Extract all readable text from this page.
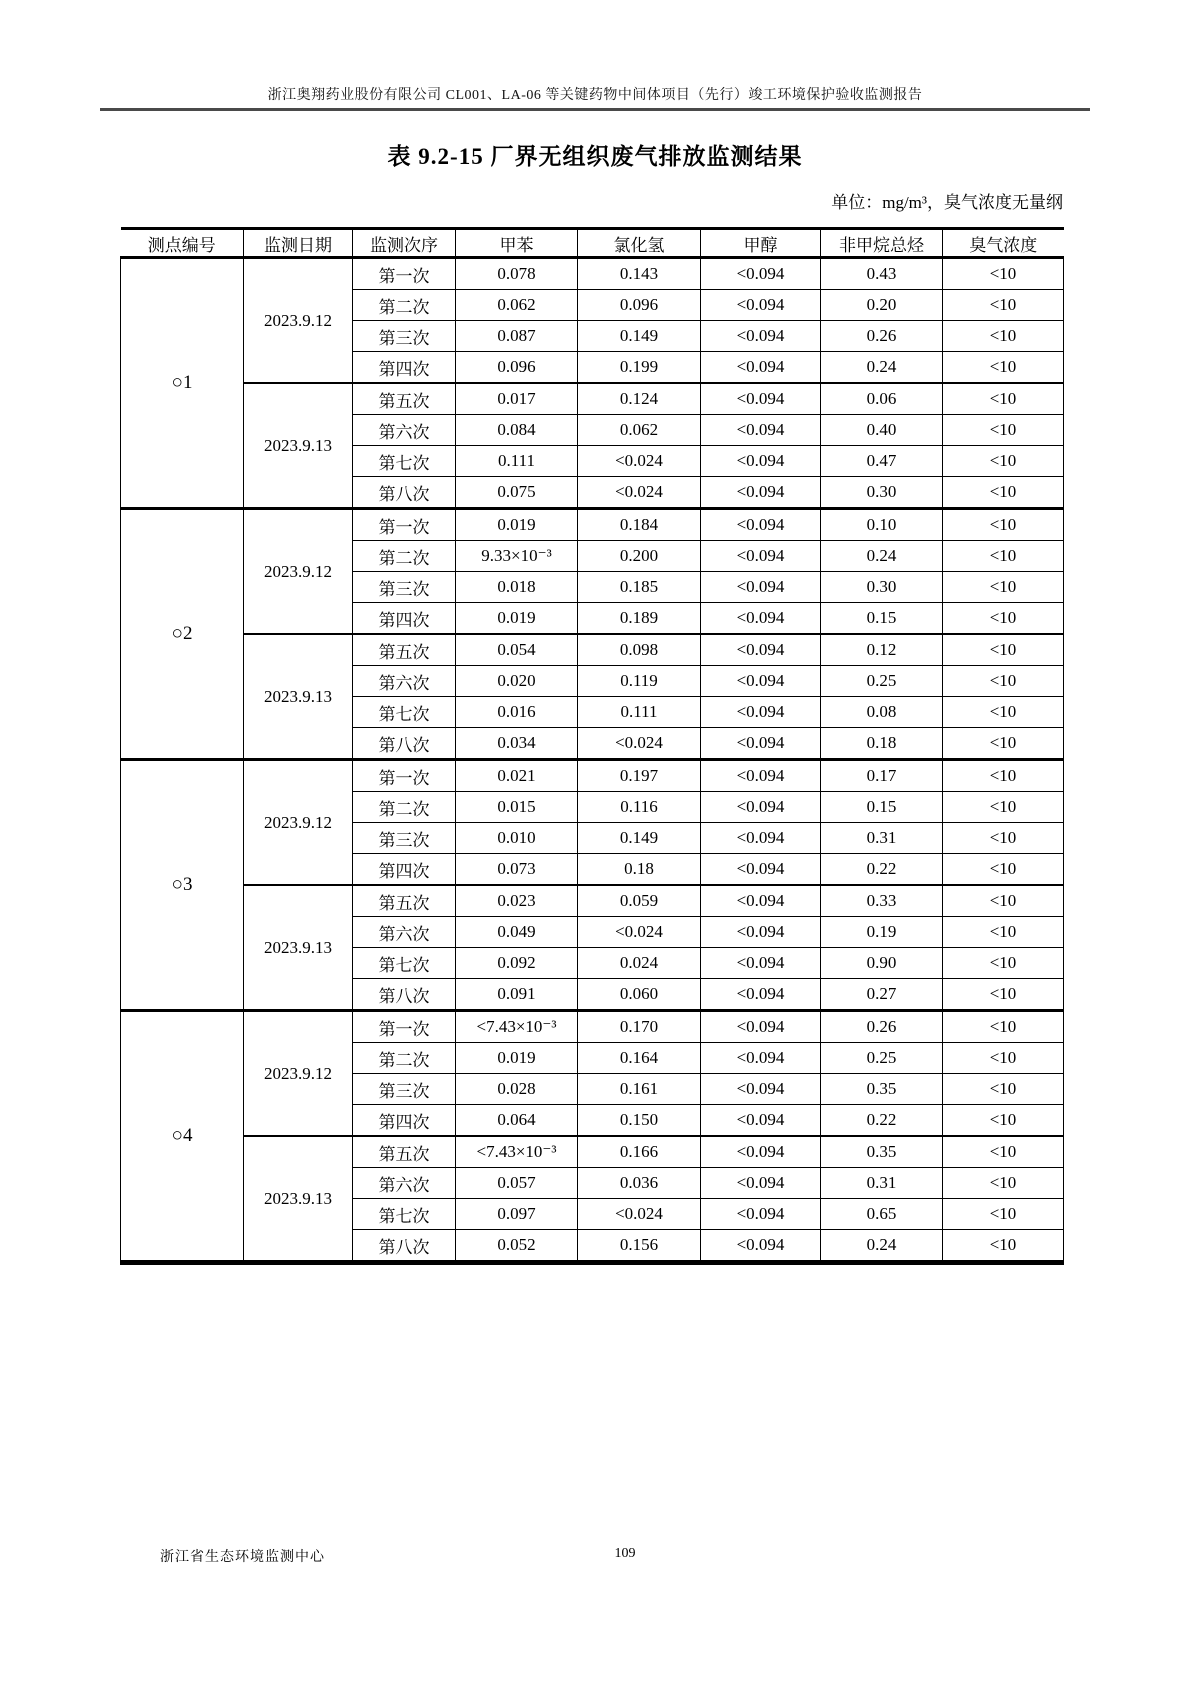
浙江奥翔药业股份有限公司 CL001、LA-06 等关键药物中间体项目（先行）竣工环境保护验收监测报告
表 9.2-15 厂界无组织废气排放监测结果
单位：mg/m³，臭气浓度无量纲
测点编号	监测日期	监测次序	甲苯	氯化氢	甲醇	非甲烷总烃	臭气浓度
○1	2023.9.12	第一次	0.078	0.143	<0.094	0.43	<10
		第二次	0.062	0.096	<0.094	0.20	<10
		第三次	0.087	0.149	<0.094	0.26	<10
		第四次	0.096	0.199	<0.094	0.24	<10
	2023.9.13	第五次	0.017	0.124	<0.094	0.06	<10
		第六次	0.084	0.062	<0.094	0.40	<10
		第七次	0.111	<0.024	<0.094	0.47	<10
		第八次	0.075	<0.024	<0.094	0.30	<10
○2	2023.9.12	第一次	0.019	0.184	<0.094	0.10	<10
		第二次	9.33×10⁻³	0.200	<0.094	0.24	<10
		第三次	0.018	0.185	<0.094	0.30	<10
		第四次	0.019	0.189	<0.094	0.15	<10
	2023.9.13	第五次	0.054	0.098	<0.094	0.12	<10
		第六次	0.020	0.119	<0.094	0.25	<10
		第七次	0.016	0.111	<0.094	0.08	<10
		第八次	0.034	<0.024	<0.094	0.18	<10
○3	2023.9.12	第一次	0.021	0.197	<0.094	0.17	<10
		第二次	0.015	0.116	<0.094	0.15	<10
		第三次	0.010	0.149	<0.094	0.31	<10
		第四次	0.073	0.18	<0.094	0.22	<10
	2023.9.13	第五次	0.023	0.059	<0.094	0.33	<10
		第六次	0.049	<0.024	<0.094	0.19	<10
		第七次	0.092	0.024	<0.094	0.90	<10
		第八次	0.091	0.060	<0.094	0.27	<10
○4	2023.9.12	第一次	<7.43×10⁻³	0.170	<0.094	0.26	<10
		第二次	0.019	0.164	<0.094	0.25	<10
		第三次	0.028	0.161	<0.094	0.35	<10
		第四次	0.064	0.150	<0.094	0.22	<10
	2023.9.13	第五次	<7.43×10⁻³	0.166	<0.094	0.35	<10
		第六次	0.057	0.036	<0.094	0.31	<10
		第七次	0.097	<0.024	<0.094	0.65	<10
		第八次	0.052	0.156	<0.094	0.24	<10
浙江省生态环境监测中心	109
